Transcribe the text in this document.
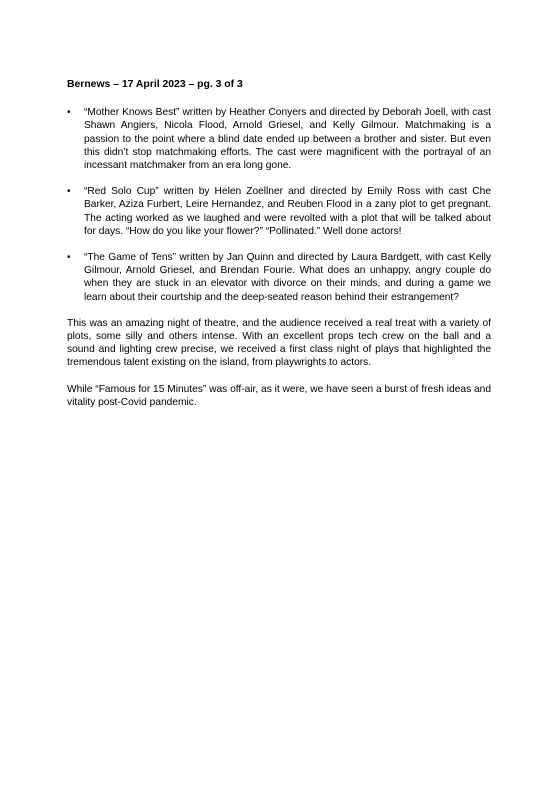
Bernews – 17 April 2023 – pg. 3 of 3
• “Mother Knows Best” written by Heather Conyers and directed by Deborah Joell, with cast Shawn Angiers, Nicola Flood, Arnold Griesel, and Kelly Gilmour. Matchmaking is a passion to the point where a blind date ended up between a brother and sister. But even this didn’t stop matchmaking efforts. The cast were magnificent with the portrayal of an incessant matchmaker from an era long gone.
• “Red Solo Cup” written by Helen Zoellner and directed by Emily Ross with cast Che Barker, Aziza Furbert, Leire Hernandez, and Reuben Flood in a zany plot to get pregnant. The acting worked as we laughed and were revolted with a plot that will be talked about for days. “How do you like your flower?” “Pollinated.” Well done actors!
• “The Game of Tens” written by Jan Quinn and directed by Laura Bardgett, with cast Kelly Gilmour, Arnold Griesel, and Brendan Fourie. What does an unhappy, angry couple do when they are stuck in an elevator with divorce on their minds, and during a game we learn about their courtship and the deep-seated reason behind their estrangement?

This was an amazing night of theatre, and the audience received a real treat with a variety of plots, some silly and others intense. With an excellent props tech crew on the ball and a sound and lighting crew precise, we received a first class night of plays that highlighted the tremendous talent existing on the island, from playwrights to actors.

While “Famous for 15 Minutes” was off-air, as it were, we have seen a burst of fresh ideas and vitality post-Covid pandemic.
